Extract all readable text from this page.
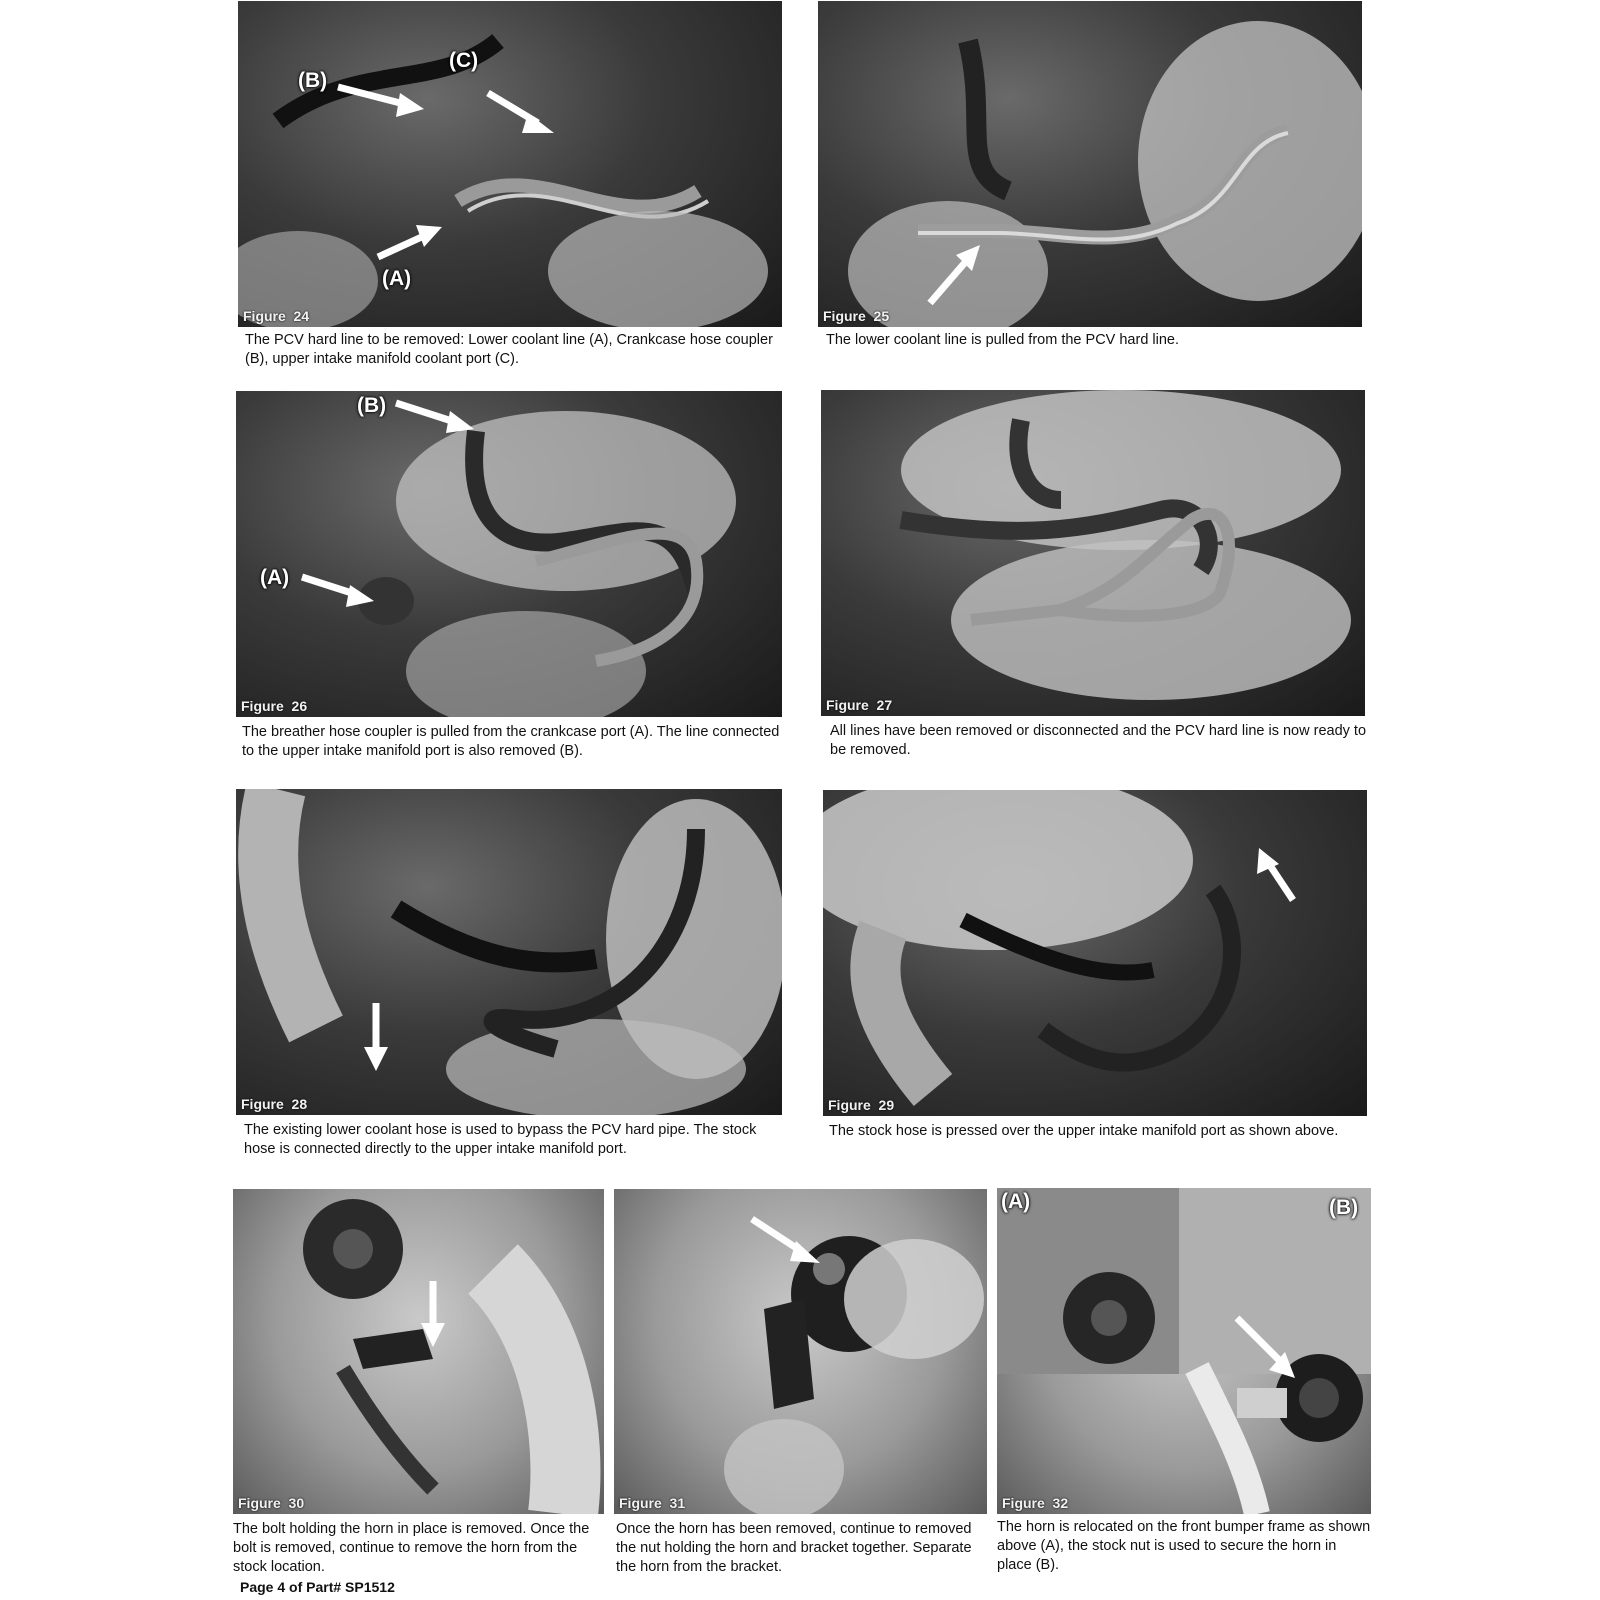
(A)
(B)
(C)
Figure  24
The PCV hard line to be removed: Lower coolant line (A), Crankcase hose coupler (B), upper intake manifold coolant port (C).
Figure  25
The lower coolant line is pulled from the PCV hard line.
(A)
(B)
Figure  26
The breather hose coupler is pulled from the crankcase port (A). The line connected to the upper intake manifold port is also removed (B).
Figure  27
All lines have been removed or disconnected and the PCV hard line is now ready to be removed.
Figure  28
The existing lower coolant hose is used to bypass the PCV hard pipe. The stock hose is connected directly to the upper intake manifold port.
Figure  29
The stock hose is pressed over the upper intake manifold port as shown above.
Figure  30
The bolt holding the horn in place is removed. Once the bolt is removed, continue to remove the horn from the stock location.
Figure  31
Once the horn has been removed, continue to removed the nut holding the horn and bracket together. Separate the horn from the bracket.
(A)	(B)
Figure  32
The horn is relocated on the front bumper frame as shown above (A), the stock nut is used to secure the horn in place (B).
Page 4 of Part# SP1512
